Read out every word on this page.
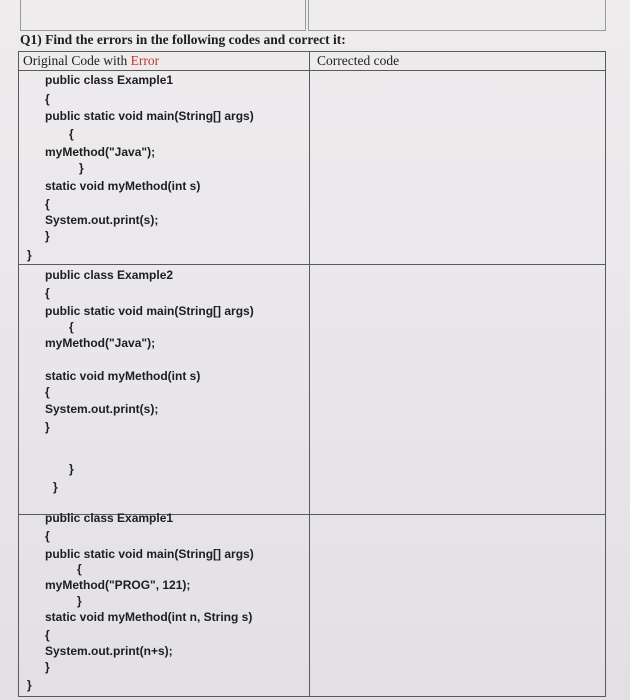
Q1) Find the errors in the following codes and correct it:
Original Code with Error	Corrected code
public class Example1
{
public static void main(String[] args)
{
myMethod("Java");
}
static void myMethod(int s)
{
System.out.print(s);
}
}
public class Example2
{
public static void main(String[] args)
{
myMethod("Java");
static void myMethod(int s)
{
System.out.print(s);
}
}
}
public class Example1
{
public static void main(String[] args)
{
myMethod("PROG", 121);
}
static void myMethod(int n, String s)
{
System.out.print(n+s);
}
}
